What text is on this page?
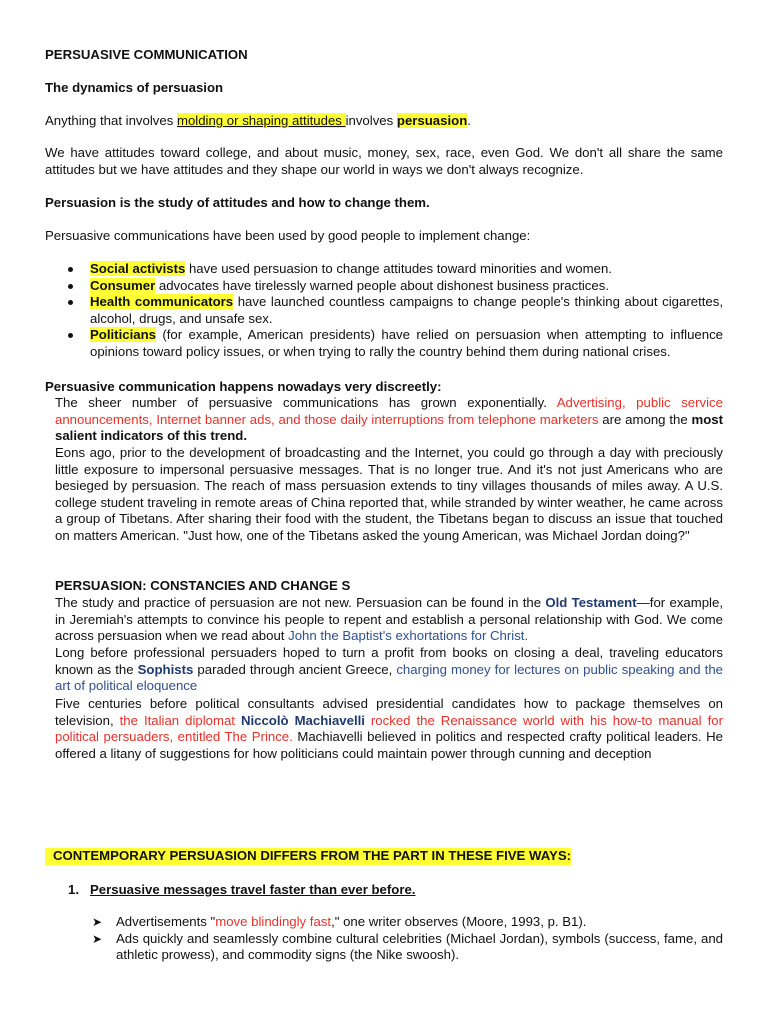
PERSUASIVE COMMUNICATION

The dynamics of persuasion

Anything that involves molding or shaping attitudes involves persuasion.

We have attitudes toward college, and about music, money, sex, race, even God. We don't all share the same attitudes but we have attitudes and they shape our world in ways we don't always recognize.

Persuasion is the study of attitudes and how to change them.

Persuasive communications have been used by good people to implement change:

Social activists have used persuasion to change attitudes toward minorities and women.
Consumer advocates have tirelessly warned people about dishonest business practices.
Health communicators have launched countless campaigns to change people's thinking about cigarettes, alcohol, drugs, and unsafe sex.
Politicians (for example, American presidents) have relied on persuasion when attempting to influence opinions toward policy issues, or when trying to rally the country behind them during national crises.

Persuasive communication happens nowadays very discreetly:

The sheer number of persuasive communications has grown exponentially. Advertising, public service announcements, Internet banner ads, and those daily interruptions from telephone marketers are among the most salient indicators of this trend.

Eons ago, prior to the development of broadcasting and the Internet, you could go through a day with preciously little exposure to impersonal persuasive messages. That is no longer true. And it's not just Americans who are besieged by persuasion. The reach of mass persuasion extends to tiny villages thousands of miles away. A U.S. college student traveling in remote areas of China reported that, while stranded by winter weather, he came across a group of Tibetans. After sharing their food with the student, the Tibetans began to discuss an issue that touched on matters American. "Just how, one of the Tibetans asked the young American, was Michael Jordan doing?"

PERSUASION: CONSTANCIES AND CHANGE S

The study and practice of persuasion are not new. Persuasion can be found in the Old Testament—for example, in Jeremiah's attempts to convince his people to repent and establish a personal relationship with God. We come across persuasion when we read about John the Baptist's exhortations for Christ.

Long before professional persuaders hoped to turn a profit from books on closing a deal, traveling educators known as the Sophists paraded through ancient Greece, charging money for lectures on public speaking and the art of political eloquence

Five centuries before political consultants advised presidential candidates how to package themselves on television, the Italian diplomat Niccolò Machiavelli rocked the Renaissance world with his how-to manual for political persuaders, entitled The Prince. Machiavelli believed in politics and respected crafty political leaders. He offered a litany of suggestions for how politicians could maintain power through cunning and deception

CONTEMPORARY PERSUASION DIFFERS FROM THE PART IN THESE FIVE WAYS:

1. Persuasive messages travel faster than ever before.

➤ Advertisements "move blindingly fast," one writer observes (Moore, 1993, p. B1).
➤ Ads quickly and seamlessly combine cultural celebrities (Michael Jordan), symbols (success, fame, and athletic prowess), and commodity signs (the Nike swoosh).
